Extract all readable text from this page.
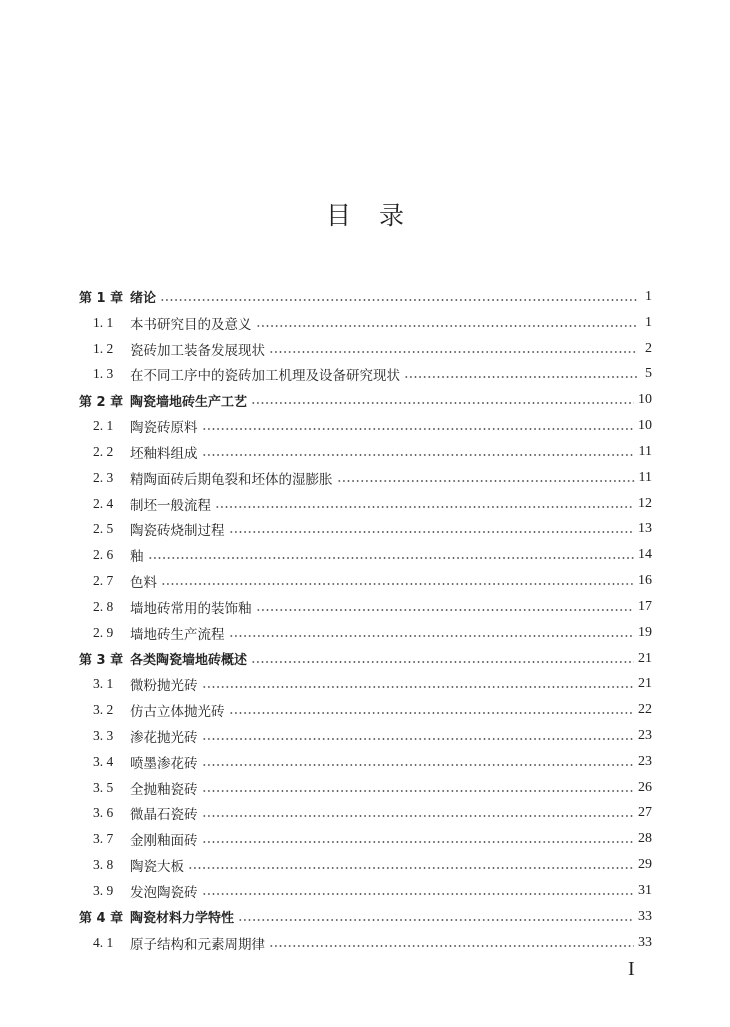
目录
第 1 章 绪论	1
1. 1	本书研究目的及意义	1
1. 2	瓷砖加工装备发展现状	2
1. 3	在不同工序中的瓷砖加工机理及设备研究现状	5
第 2 章 陶瓷墙地砖生产工艺	10
2. 1	陶瓷砖原料	10
2. 2	坯釉料组成	11
2. 3	精陶面砖后期龟裂和坯体的湿膨胀	11
2. 4	制坯一般流程	12
2. 5	陶瓷砖烧制过程	13
2. 6	釉	14
2. 7	色料	16
2. 8	墙地砖常用的装饰釉	17
2. 9	墙地砖生产流程	19
第 3 章 各类陶瓷墙地砖概述	21
3. 1	微粉抛光砖	21
3. 2	仿古立体抛光砖	22
3. 3	渗花抛光砖	23
3. 4	喷墨渗花砖	23
3. 5	全抛釉瓷砖	26
3. 6	微晶石瓷砖	27
3. 7	金刚釉面砖	28
3. 8	陶瓷大板	29
3. 9	发泡陶瓷砖	31
第 4 章 陶瓷材料力学特性	33
4. 1	原子结构和元素周期律	33
I
